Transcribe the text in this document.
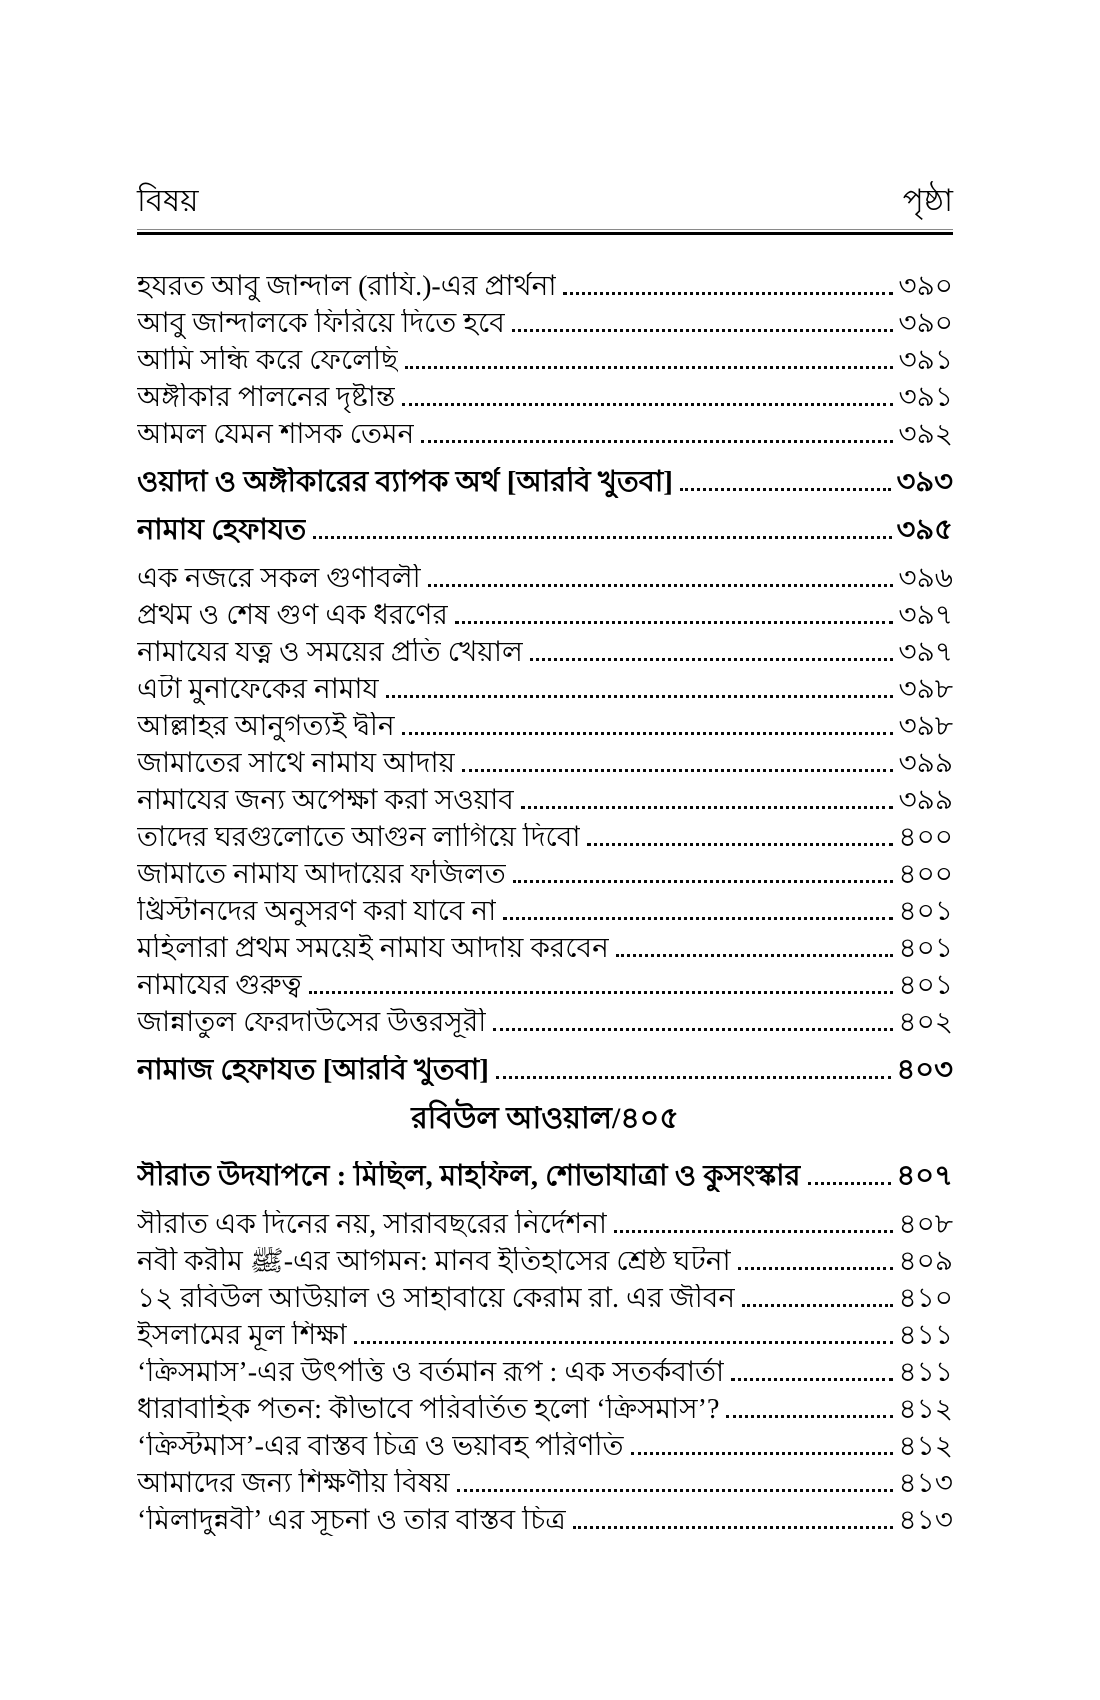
বিষয়	পৃষ্ঠা
হযরত আবু জান্দাল (রাযি.)-এর প্রার্থনা	৩৯০
আবু জান্দালকে ফিরিয়ে দিতে হবে	৩৯০
আমি সন্ধি করে ফেলেছি	৩৯১
অঙ্গীকার পালনের দৃষ্টান্ত	৩৯১
আমল যেমন শাসক তেমন	৩৯২
ওয়াদা ও অঙ্গীকারের ব্যাপক অর্থ [আরবি খুতবা]	৩৯৩
নামায হেফাযত	৩৯৫
এক নজরে সকল গুণাবলী	৩৯৬
প্রথম ও শেষ গুণ এক ধরণের	৩৯৭
নামাযের যত্ন ও সময়ের প্রতি খেয়াল	৩৯৭
এটা মুনাফেকের নামায	৩৯৮
আল্লাহর আনুগত্যই দ্বীন	৩৯৮
জামাতের সাথে নামায আদায়	৩৯৯
নামাযের জন্য অপেক্ষা করা সওয়াব	৩৯৯
তাদের ঘরগুলোতে আগুন লাগিয়ে দিবো	৪০০
জামাতে নামায আদায়ের ফজিলত	৪০০
খ্রিস্টানদের অনুসরণ করা যাবে না	৪০১
মহিলারা প্রথম সময়েই নামায আদায় করবেন	৪০১
নামাযের গুরুত্ব	৪০১
জান্নাতুল ফেরদাউসের উত্তরসূরী	৪০২
নামাজ হেফাযত [আরবি খুতবা]	৪০৩
রবিউল আওয়াল/৪০৫
সীরাত উদযাপনে : মিছিল, মাহফিল, শোভাযাত্রা ও কুসংস্কার	৪০৭
সীরাত এক দিনের নয়, সারাবছরের নির্দেশনা	৪০৮
নবী করীম ﷺ-এর আগমন: মানব ইতিহাসের শ্রেষ্ঠ ঘটনা	৪০৯
১২ রবিউল আউয়াল ও সাহাবায়ে কেরাম রা. এর জীবন	৪১০
ইসলামের মূল শিক্ষা	৪১১
‘ক্রিসমাস’-এর উৎপত্তি ও বর্তমান রূপ : এক সতর্কবার্তা	৪১১
ধারাবাহিক পতন: কীভাবে পরিবর্তিত হলো ‘ক্রিসমাস’?	৪১২
‘ক্রিস্টমাস’-এর বাস্তব চিত্র ও ভয়াবহ পরিণতি	৪১২
আমাদের জন্য শিক্ষণীয় বিষয়	৪১৩
‘মিলাদুন্নবী’ এর সূচনা ও তার বাস্তব চিত্র	৪১৩
